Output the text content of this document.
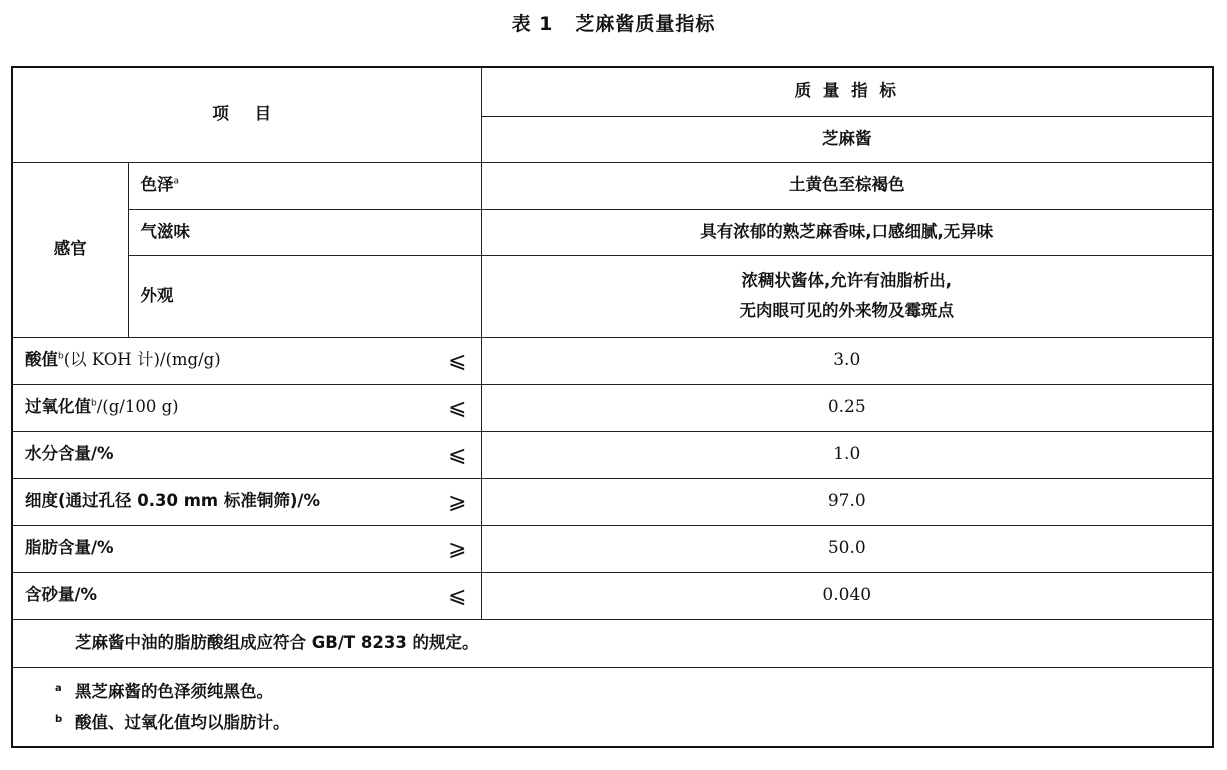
表 1 芝麻酱质量指标
项 目		质 量 指 标
		芝麻酱
感官	色泽$^a$	土黄色至棕褐色
	气滋味	具有浓郁的熟芝麻香味,口感细腻,无异味
	外观	浓稠状酱体,允许有油脂析出,
无肉眼可见的外来物及霉斑点

酸值$^b$(以 KOH 计)/(mg/g) ⩽		3.0
过氧化值$^b$/(g/100 g) ⩽		0.25
水分含量/% ⩽		1.0
细度(通过孔径 0.30 mm 标准铜筛)/% ⩾		97.0
脂肪含量/% ⩾		50.0
含砂量/% ⩽		0.040
芝麻酱中油的脂肪酸组成应符合 GB/T 8233 的规定。		

a 黑芝麻酱的色泽须纯黑色。
b 酸值、过氧化值均以脂肪计。		
